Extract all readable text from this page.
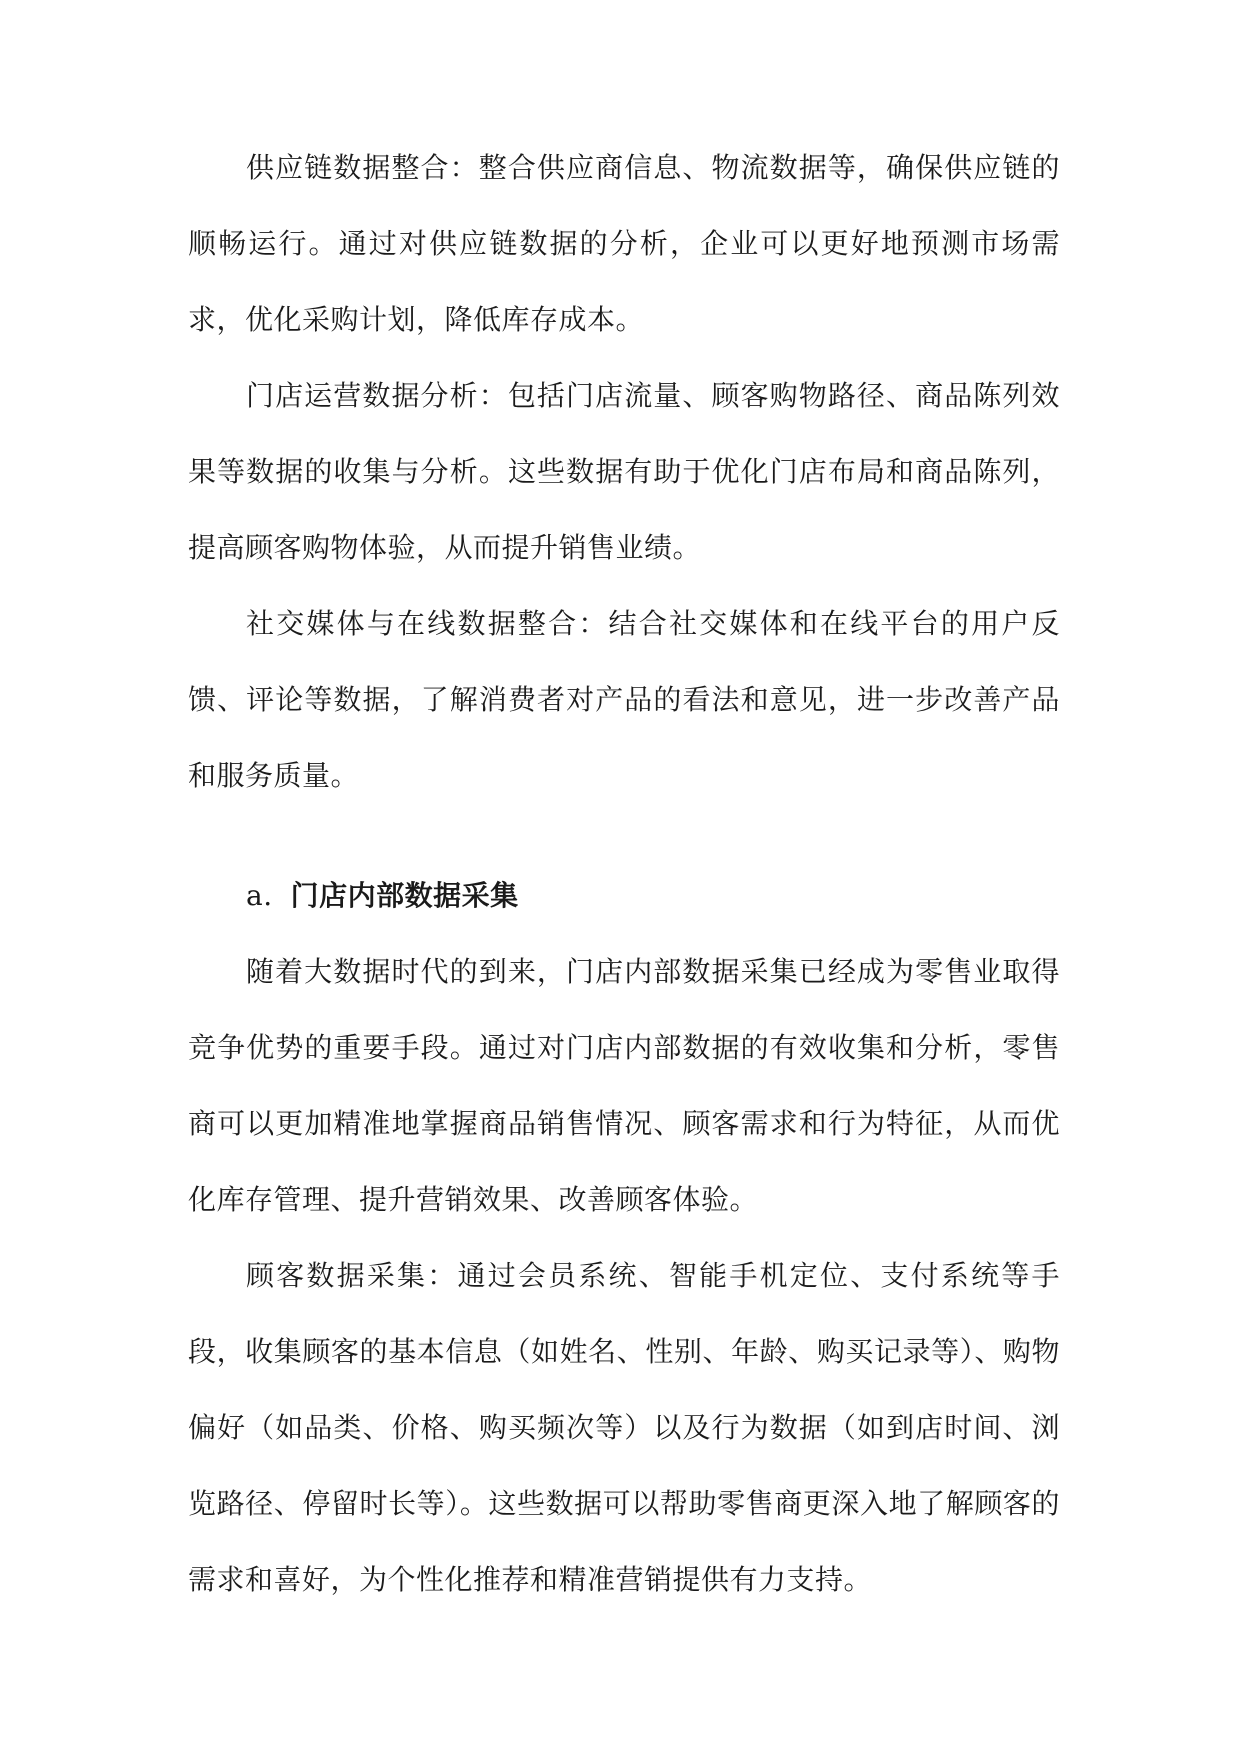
供应链数据整合：整合供应商信息、物流数据等，确保供应链的顺畅运行。通过对供应链数据的分析，企业可以更好地预测市场需求，优化采购计划，降低库存成本。

门店运营数据分析：包括门店流量、顾客购物路径、商品陈列效果等数据的收集与分析。这些数据有助于优化门店布局和商品陈列，提高顾客购物体验，从而提升销售业绩。

社交媒体与在线数据整合：结合社交媒体和在线平台的用户反馈、评论等数据，了解消费者对产品的看法和意见，进一步改善产品和服务质量。

a. 门店内部数据采集

随着大数据时代的到来，门店内部数据采集已经成为零售业取得竞争优势的重要手段。通过对门店内部数据的有效收集和分析，零售商可以更加精准地掌握商品销售情况、顾客需求和行为特征，从而优化库存管理、提升营销效果、改善顾客体验。

顾客数据采集：通过会员系统、智能手机定位、支付系统等手段，收集顾客的基本信息（如姓名、性别、年龄、购买记录等）、购物偏好（如品类、价格、购买频次等）以及行为数据（如到店时间、浏览路径、停留时长等）。这些数据可以帮助零售商更深入地了解顾客的需求和喜好，为个性化推荐和精准营销提供有力支持。
